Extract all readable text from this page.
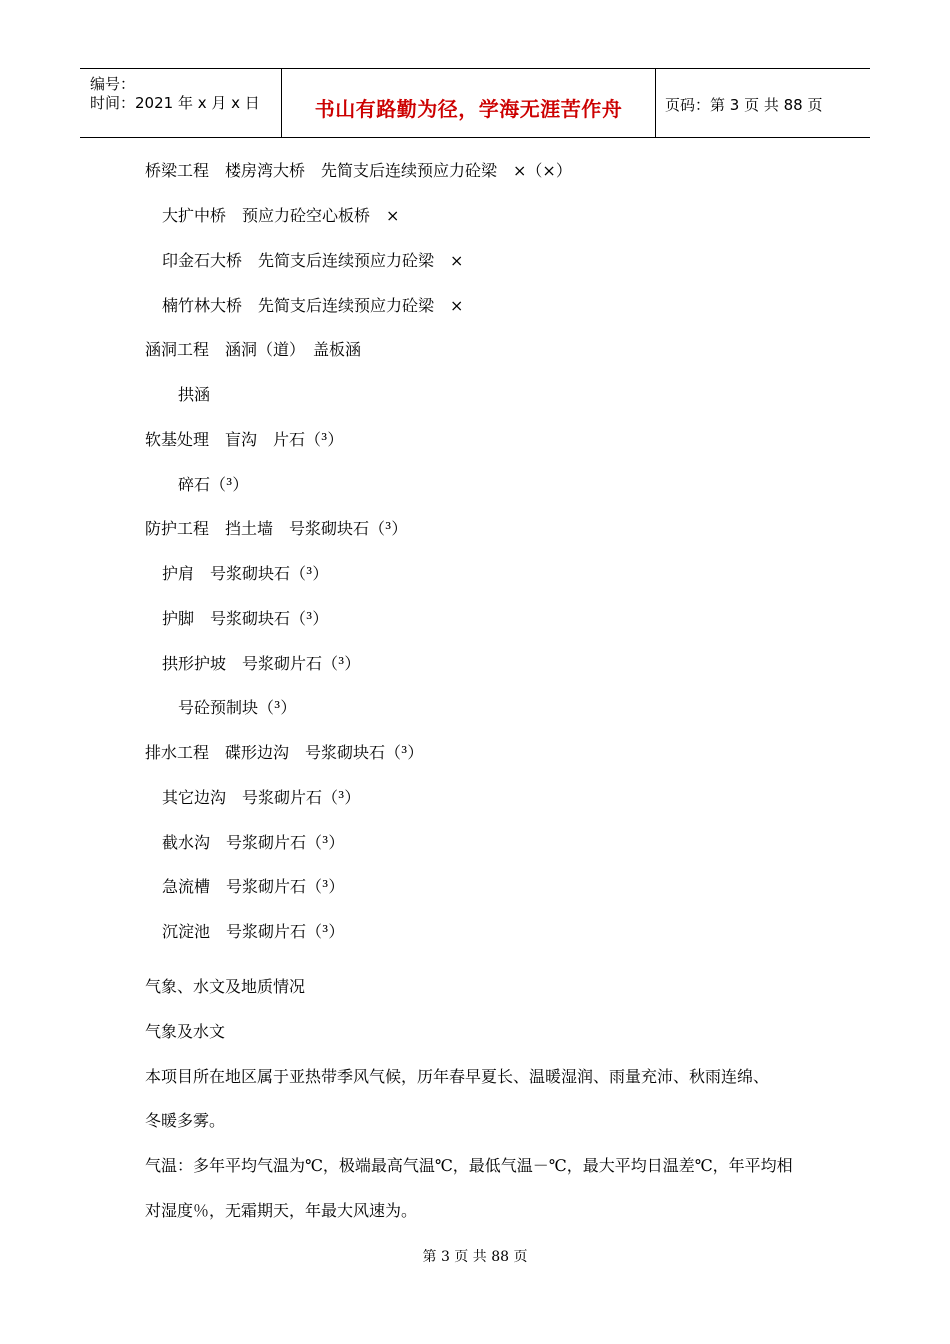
编号：
时间：2021 年 x 月 x 日	书山有路勤为径，学海无涯苦作舟	页码：第 3 页 共 88 页
桥梁工程　楼房湾大桥　先简支后连续预应力砼梁　×（×）
大扩中桥　预应力砼空心板桥　×
印金石大桥　先简支后连续预应力砼梁　×
楠竹林大桥　先简支后连续预应力砼梁　×
涵洞工程　涵洞（道）　盖板涵
拱涵
软基处理　盲沟　片石（³）
碎石（³）
防护工程　挡土墙　号浆砌块石（³）
护肩　号浆砌块石（³）
护脚　号浆砌块石（³）
拱形护坡　号浆砌片石（³）
号砼预制块（³）
排水工程　碟形边沟　号浆砌块石（³）
其它边沟　号浆砌片石（³）
截水沟　号浆砌片石（³）
急流槽　号浆砌片石（³）
沉淀池　号浆砌片石（³）
气象、水文及地质情况
气象及水文
本项目所在地区属于亚热带季风气候，历年春早夏长、温暖湿润、雨量充沛、秋雨连绵、
冬暖多雾。
气温：多年平均气温为℃，极端最高气温℃，最低气温－℃，最大平均日温差℃，年平均相
对湿度％，无霜期天，年最大风速为。
第 3 页 共 88 页
